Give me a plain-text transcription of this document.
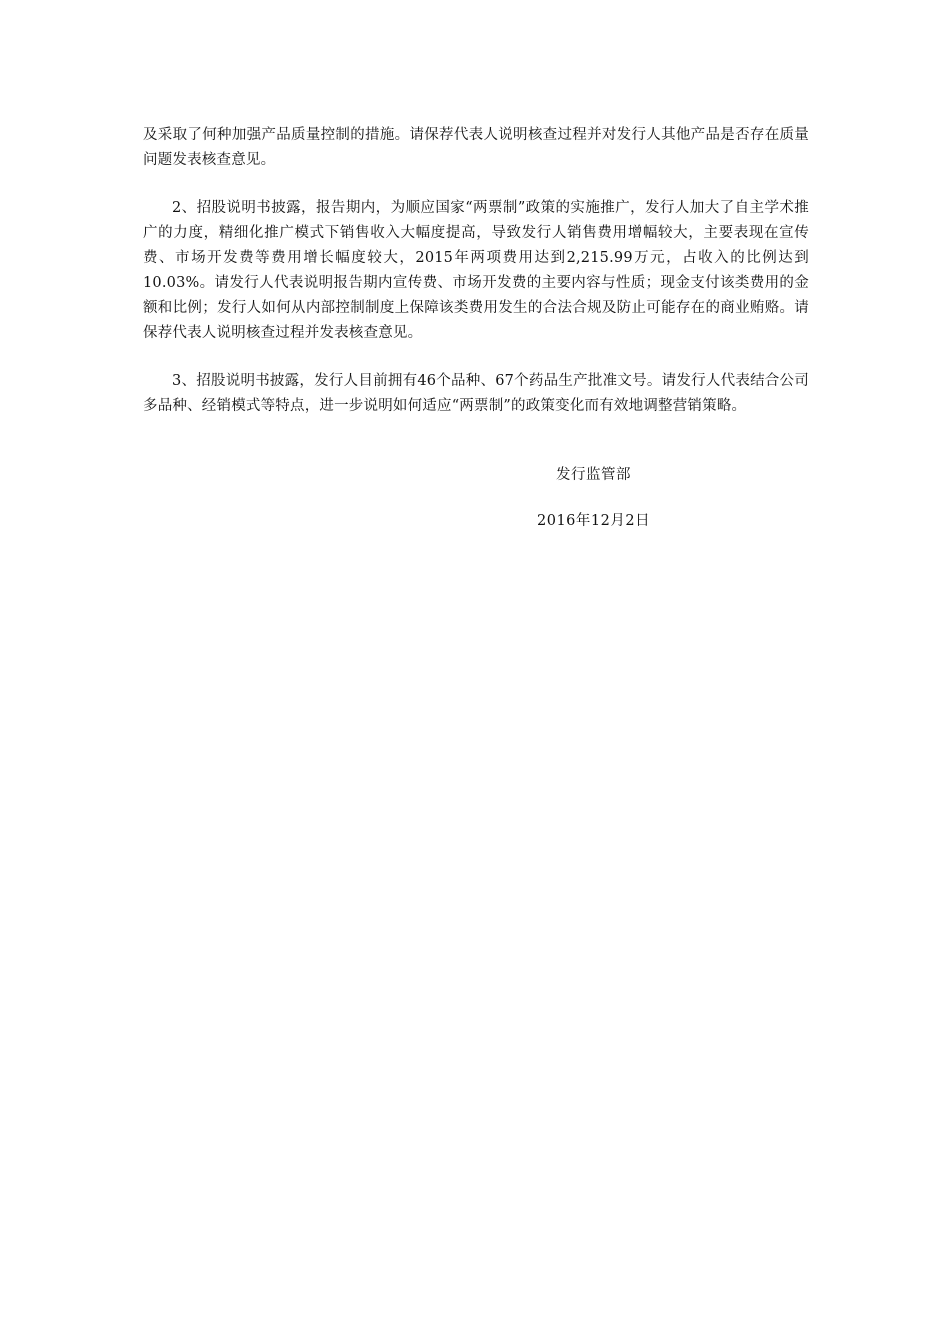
及采取了何种加强产品质量控制的措施。请保荐代表人说明核查过程并对发行人其他产品是否存在质量问题发表核查意见。

2、招股说明书披露，报告期内，为顺应国家“两票制”政策的实施推广，发行人加大了自主学术推广的力度，精细化推广模式下销售收入大幅度提高，导致发行人销售费用增幅较大，主要表现在宣传费、市场开发费等费用增长幅度较大，2015年两项费用达到2,215.99万元，占收入的比例达到10.03%。请发行人代表说明报告期内宣传费、市场开发费的主要内容与性质；现金支付该类费用的金额和比例；发行人如何从内部控制制度上保障该类费用发生的合法合规及防止可能存在的商业贿赂。请保荐代表人说明核查过程并发表核查意见。

3、招股说明书披露，发行人目前拥有46个品种、67个药品生产批准文号。请发行人代表结合公司多品种、经销模式等特点，进一步说明如何适应“两票制”的政策变化而有效地调整营销策略。

发行监管部
2016年12月2日
